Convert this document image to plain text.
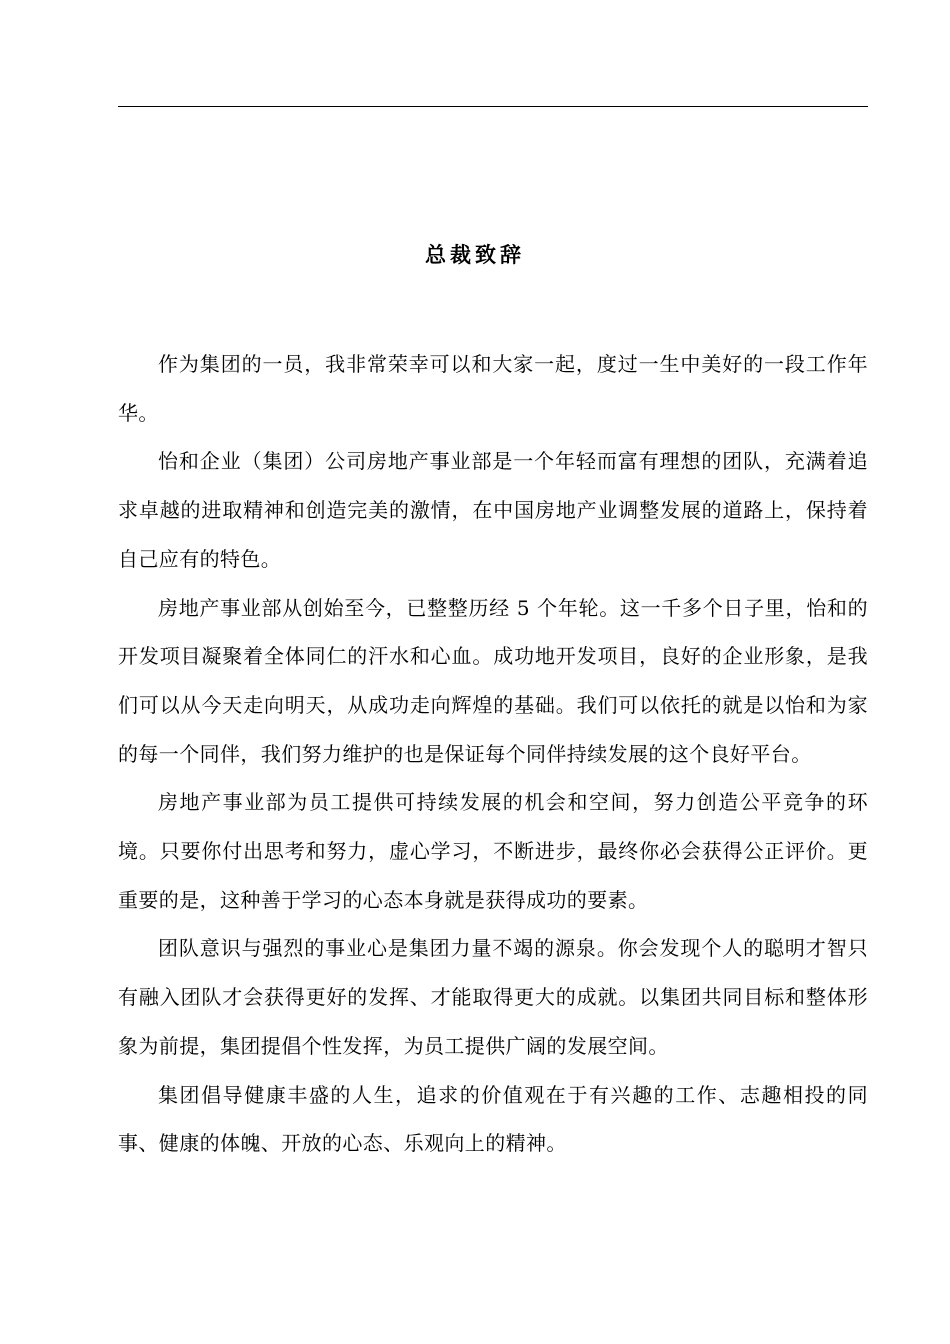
总裁致辞

作为集团的一员，我非常荣幸可以和大家一起，度过一生中美好的一段工作年华。

怡和企业（集团）公司房地产事业部是一个年轻而富有理想的团队，充满着追求卓越的进取精神和创造完美的激情，在中国房地产业调整发展的道路上，保持着自己应有的特色。

房地产事业部从创始至今，已整整历经 5 个年轮。这一千多个日子里，怡和的开发项目凝聚着全体同仁的汗水和心血。成功地开发项目，良好的企业形象，是我们可以从今天走向明天，从成功走向辉煌的基础。我们可以依托的就是以怡和为家的每一个同伴，我们努力维护的也是保证每个同伴持续发展的这个良好平台。

房地产事业部为员工提供可持续发展的机会和空间，努力创造公平竞争的环境。只要你付出思考和努力，虚心学习，不断进步，最终你必会获得公正评价。更重要的是，这种善于学习的心态本身就是获得成功的要素。

团队意识与强烈的事业心是集团力量不竭的源泉。你会发现个人的聪明才智只有融入团队才会获得更好的发挥、才能取得更大的成就。以集团共同目标和整体形象为前提，集团提倡个性发挥，为员工提供广阔的发展空间。

集团倡导健康丰盛的人生，追求的价值观在于有兴趣的工作、志趣相投的同事、健康的体魄、开放的心态、乐观向上的精神。
